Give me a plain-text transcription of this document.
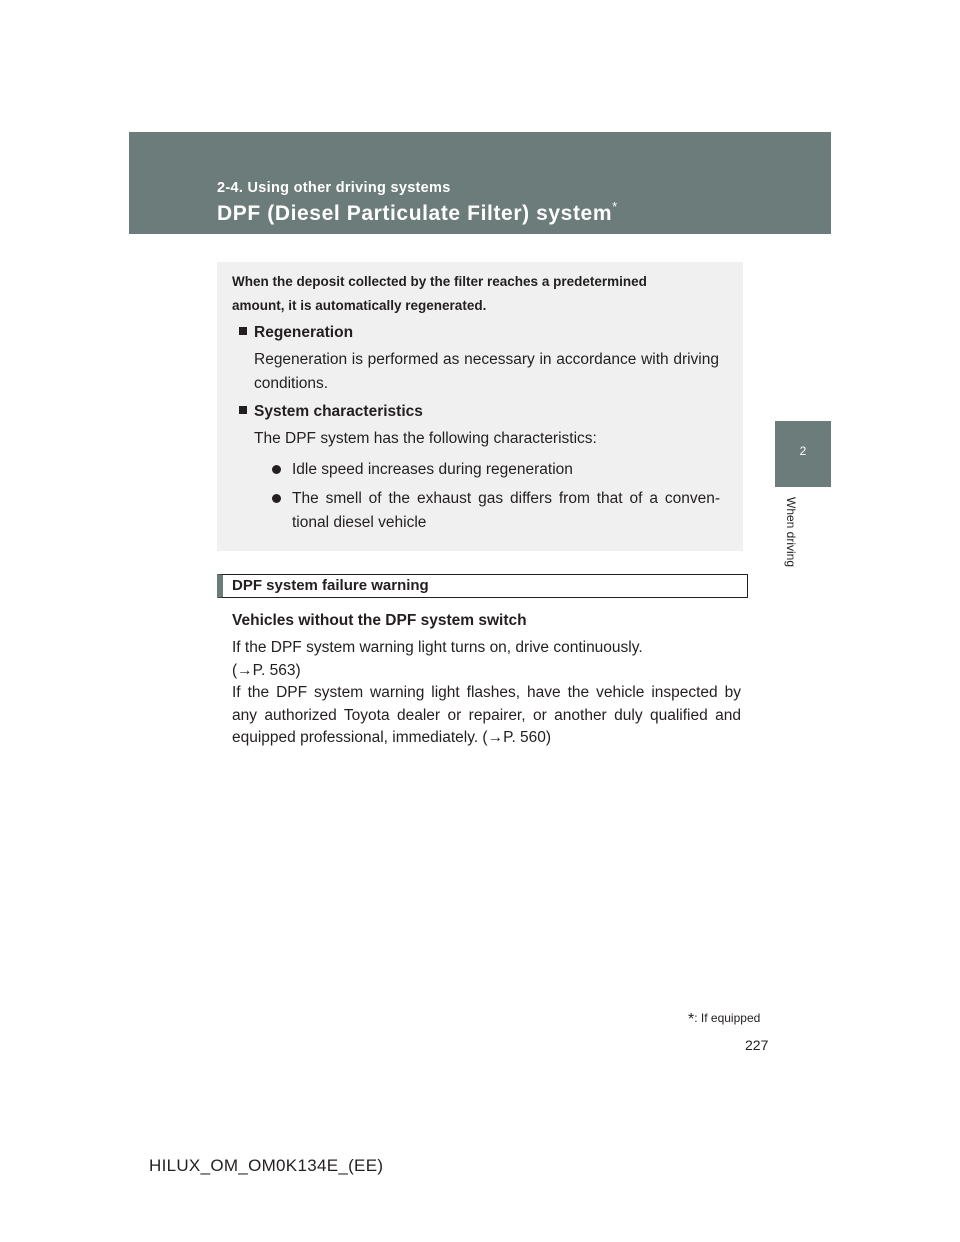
2-4. Using other driving systems
DPF (Diesel Particulate Filter) system*
2
When driving
When the deposit collected by the filter reaches a predetermined
amount, it is automatically regenerated.
Regeneration
Regeneration is performed as necessary in accordance with driving conditions.
System characteristics
The DPF system has the following characteristics:
Idle speed increases during regeneration
The smell of the exhaust gas differs from that of a conven-tional diesel vehicle
DPF system failure warning
Vehicles without the DPF system switch
If the DPF system warning light turns on, drive continuously.
(→P. 563)
If the DPF system warning light flashes, have the vehicle inspected by any authorized Toyota dealer or repairer, or another duly qualified and equipped professional, immediately. (→P. 560)
*: If equipped
227
HILUX_OM_OM0K134E_(EE)
